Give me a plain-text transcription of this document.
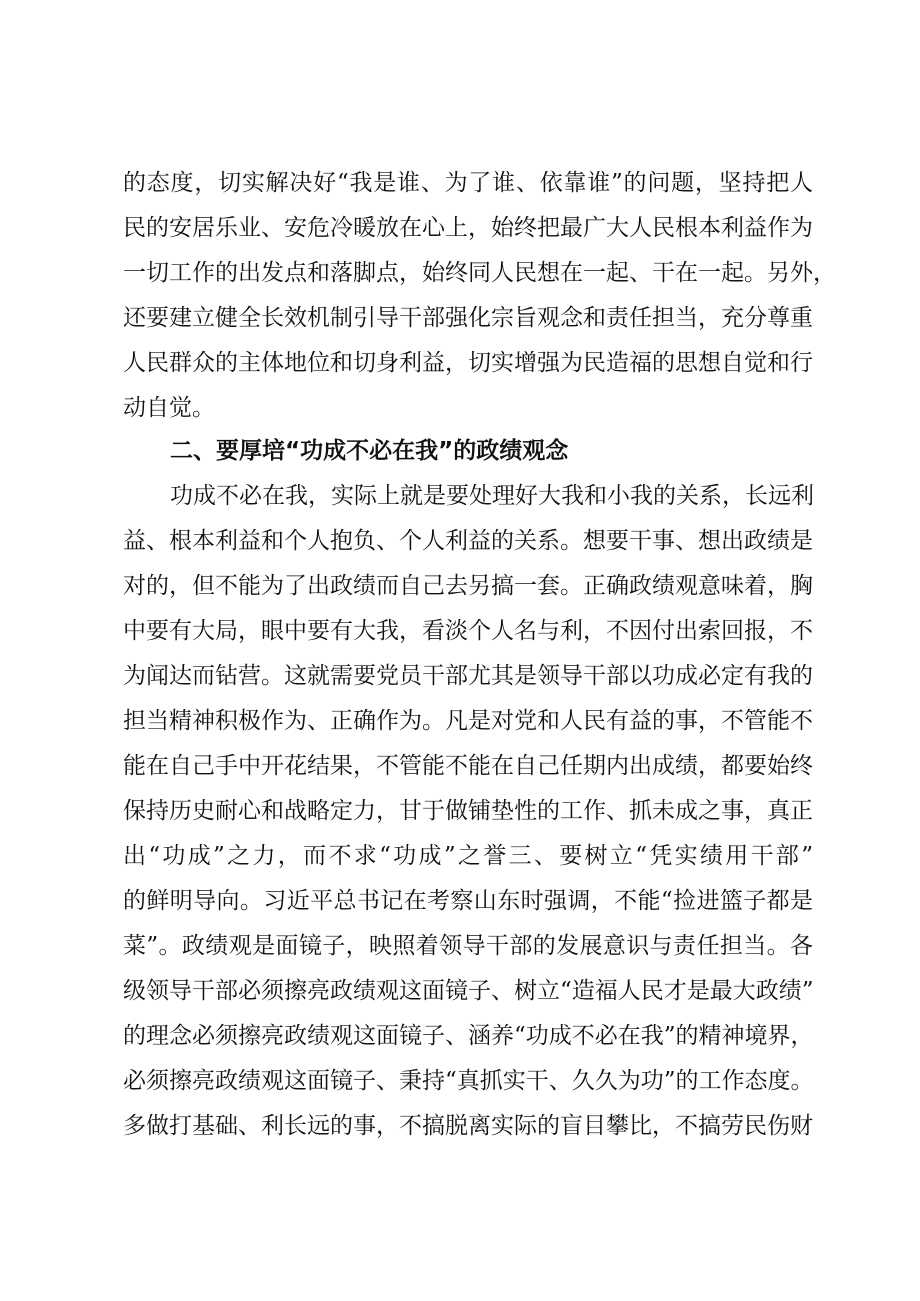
的态度，切实解决好“我是谁、为了谁、依靠谁”的问题，坚持把人

民的安居乐业、安危冷暖放在心上，始终把最广大人民根本利益作为

一切工作的出发点和落脚点，始终同人民想在一起、干在一起。另外，

还要建立健全长效机制引导干部强化宗旨观念和责任担当，充分尊重

人民群众的主体地位和切身利益，切实增强为民造福的思想自觉和行

动自觉。

二、要厚培“功成不必在我”的政绩观念

功成不必在我，实际上就是要处理好大我和小我的关系，长远利

益、根本利益和个人抱负、个人利益的关系。想要干事、想出政绩是

对的，但不能为了出政绩而自己去另搞一套。正确政绩观意味着，胸

中要有大局，眼中要有大我，看淡个人名与利，不因付出索回报，不

为闻达而钻营。这就需要党员干部尤其是领导干部以功成必定有我的

担当精神积极作为、正确作为。凡是对党和人民有益的事，不管能不

能在自己手中开花结果，不管能不能在自己任期内出成绩，都要始终

保持历史耐心和战略定力，甘于做铺垫性的工作、抓未成之事，真正

出“功成”之力，而不求“功成”之誉三、要树立“凭实绩用干部”

的鲜明导向。习近平总书记在考察山东时强调，不能“捡进篮子都是

菜”。政绩观是面镜子，映照着领导干部的发展意识与责任担当。各

级领导干部必须擦亮政绩观这面镜子、树立“造福人民才是最大政绩”

的理念必须擦亮政绩观这面镜子、涵养“功成不必在我”的精神境界，

必须擦亮政绩观这面镜子、秉持“真抓实干、久久为功”的工作态度。

多做打基础、利长远的事，不搞脱离实际的盲目攀比，不搞劳民伤财
